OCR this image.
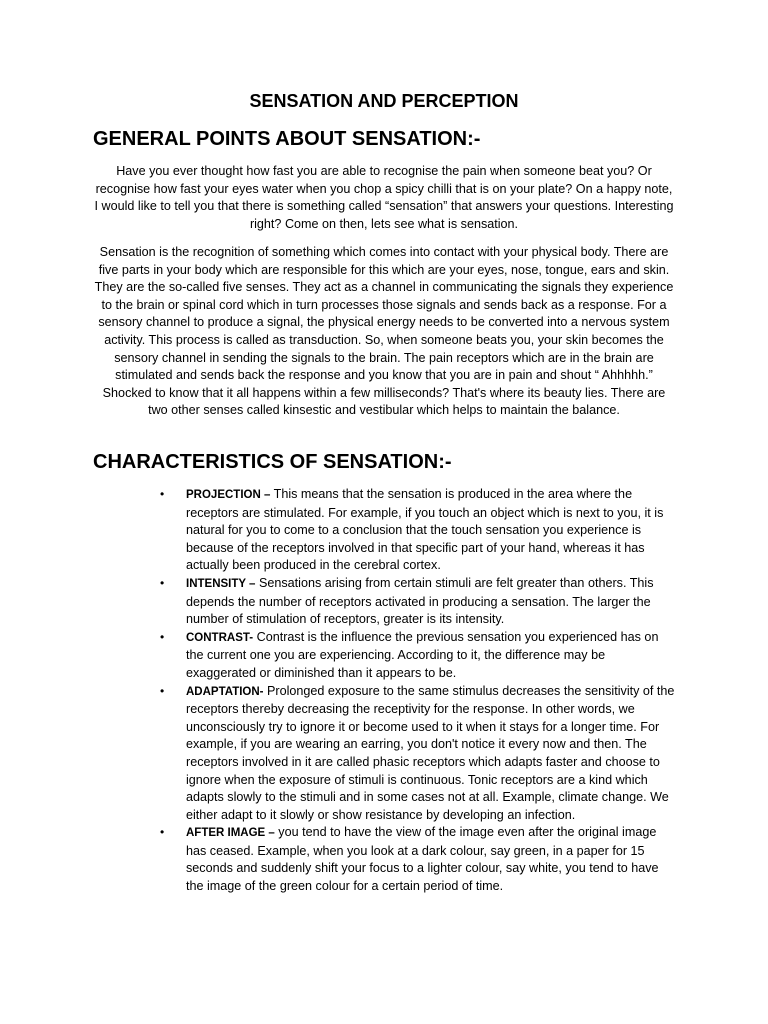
SENSATION AND PERCEPTION
GENERAL POINTS ABOUT SENSATION:-

Have you ever thought how fast you are able to recognise the pain when someone beat you? Or recognise how fast your eyes water when you chop a spicy chilli that is on your plate? On a happy note, I would like to tell you that there is something called “sensation” that answers your questions. Interesting right? Come on then, lets see what is sensation.

Sensation is the recognition of something which comes into contact with your physical body. There are five parts in your body which are responsible for this which are your eyes, nose, tongue, ears and skin. They are the so-called five senses. They act as a channel in communicating the signals they experience to the brain or spinal cord which in turn processes those signals and sends back as a response. For a sensory channel to produce a signal, the physical energy needs to be converted into a nervous system activity. This process is called as transduction. So, when someone beats you, your skin becomes the sensory channel in sending the signals to the brain. The pain receptors which are in the brain are stimulated and sends back the response and you know that you are in pain and shout “ Ahhhhh.” Shocked to know that it all happens within a few milliseconds? That's where its beauty lies. There are two other senses called kinsestic and vestibular which helps to maintain the balance.

CHARACTERISTICS OF SENSATION:-
•	PROJECTION – This means that the sensation is produced in the area where the receptors are stimulated. For example, if you touch an object which is next to you, it is natural for you to come to a conclusion that the touch sensation you experience is because of the receptors involved in that specific part of your hand, whereas it has actually been produced in the cerebral cortex.
•	INTENSITY – Sensations arising from certain stimuli are felt greater than others. This depends the number of receptors activated in producing a sensation. The larger the number of stimulation of receptors, greater is its intensity.
•	CONTRAST- Contrast is the influence the previous sensation you experienced has on the current one you are experiencing. According to it, the difference may be exaggerated or diminished than it appears to be.
•	ADAPTATION- Prolonged exposure to the same stimulus decreases the sensitivity of the receptors thereby decreasing the receptivity for the response. In other words, we unconsciously try to ignore it or become used to it when it stays for a longer time. For example, if you are wearing an earring, you don't notice it every now and then. The receptors involved in it are called phasic receptors which adapts faster and choose to ignore when the exposure of stimuli is continuous. Tonic receptors are a kind which adapts slowly to the stimuli and in some cases not at all. Example, climate change. We either adapt to it slowly or show resistance by developing an infection.
•	AFTER IMAGE – you tend to have the view of the image even after the original image has ceased. Example, when you look at a dark colour, say green, in a paper for 15 seconds and suddenly shift your focus to a lighter colour, say white, you tend to have the image of the green colour for a certain period of time.
